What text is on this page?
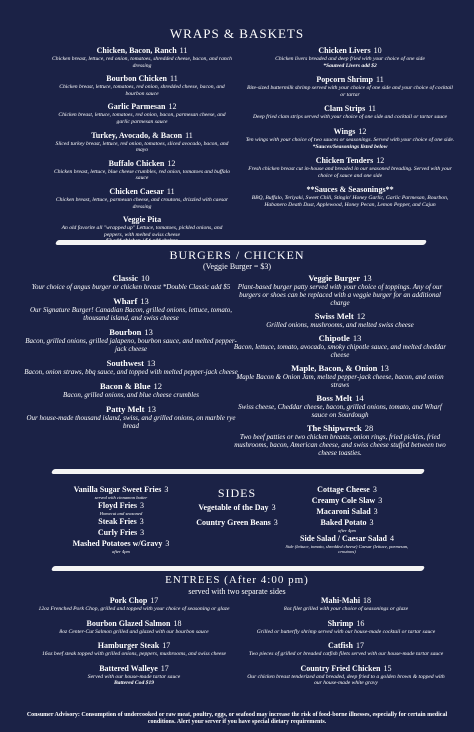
WRAPS & BASKETS
Chicken, Bacon, Ranch 11
Chicken breast, lettuce, red onion, tomatoes, shredded cheese, bacon, and ranch dressing
Bourbon Chicken 11
Chicken breast, lettuce, tomatoes, red onion, shredded cheese, bacon, and bourbon sauce
Garlic Parmesan 12
Chicken breast, lettuce, tomatoes, red onion, bacon, parmesan cheese, and garlic parmesan sauce
Turkey, Avocado, & Bacon 11
Sliced turkey breast, lettuce, red onion, tomatoes, sliced avocado, bacon, and mayo
Buffalo Chicken 12
Chicken breast, lettuce, blue cheese crumbles, red onion, tomatoes and buffalo sauce
Chicken Caesar 11
Chicken breast, lettuce, parmesan cheese, and croutons, drizzled with caesar dressing
Veggie Pita
An old favorite all "wrapped up" Lettuce, tomatoes, pickled onions, and peppers, with melted swiss cheese
Chicken Livers 10
Chicken livers breaded and deep fried with your choice of one side
*Sauteed Livers add $2
Popcorn Shrimp 11
Bite-sized buttermilk shrimp served with your choice of one side and your choice of cocktail or tartar
Clam Strips 11
Deep fried clam strips served with your choice of one side and cocktail or tartar sauce
Wings 12
Ten wings with your choice of two sauces or seasonings. Served with your choice of one side.
*Sauces/Seasonings listed below
Chicken Tenders 12
Fresh chicken breast cut in-house and breaded in our seasoned breading. Served with your choice of sauce and one side
**Sauces & Seasonings**
BBQ, Buffalo, Teriyaki, Sweet Chili, Stingin' Honey Garlic, Garlic Parmesan, Bourbon, Habanero Death Dust, Applewood, Honey Pecan, Lemon Pepper, and Cajun
BURGERS / CHICKEN
(Veggie Burger = $3)
Classic 10
Your choice of angus burger or chicken breast *Double Classic add $5
Wharf 13
Our Signature Burger! Canadian Bacon, grilled onions, lettuce, tomato, thousand island, and swiss cheese
Bourbon 13
Bacon, grilled onions, grilled jalapeno, bourbon sauce, and melted pepper-jack cheese
Southwest 13
Bacon, onion straws, bbq sauce, and topped with melted pepper-jack cheese
Bacon & Blue 12
Bacon, grilled onions, and blue cheese crumbles
Patty Melt 13
Our house-made thousand island, swiss, and grilled onions, on marble rye bread
Veggie Burger 13
Plant-based burger patty served with your choice of toppings. Any of our burgers or shoes can be replaced with a veggie burger for an additional charge
Swiss Melt 12
Grilled onions, mushrooms, and melted swiss cheese
Chipotle 13
Bacon, lettuce, tomato, avocado, smoky chipotle sauce, and melted cheddar cheese
Maple, Bacon, & Onion 13
Maple Bacon & Onion Jam, melted pepper-jack cheese, bacon, and onion straws
Boss Melt 14
Swiss cheese, Cheddar cheese, bacon, grilled onions, tomato, and Wharf sauce on Sourdough
The Shipwreck 28
Two beef patties or two chicken breasts, onion rings, fried pickles, fried mushrooms, bacon, American cheese, and swiss cheese stuffed between two cheese toasties.
SIDES
Vanilla Sugar Sweet Fries 3
served with cinnamon butter
Floyd Fries 3
Homecut and seasoned
Steak Fries 3
Curly Fries 3
Mashed Potatoes w/Gravy 3
after 4pm
Vegetable of the Day 3
Country Green Beans 3
Cottage Cheese 3
Creamy Cole Slaw 3
Macaroni Salad 3
Baked Potato 3
after 4pm
Side Salad / Caesar Salad 4
Side (lettuce, tomato, shredded cheese) Caesar (lettuce, parmesan, croutons)
ENTREES (After 4:00 pm)
served with two separate sides
Pork Chop 17
12oz Frenched Pork Chop, grilled and topped with your choice of seasoning or glaze
Bourbon Glazed Salmon 18
8oz Center-Cut Salmon grilled and glazed with our bourbon sauce
Hamburger Steak 17
16oz beef steak topped with grilled onions, peppers, mushrooms, and swiss cheese
Battered Walleye 17
Served with our house-made tartar sauce
Battered Cod $19
Mahi-Mahi 18
8oz filet grilled with your choice of seasonings or glaze
Shrimp 16
Grilled or butterfly shrimp served with our house-made cocktail or tartar sauce
Catfish 17
Two pieces of grilled or breaded catfish filets served with our house-made tartar sauce
Country Fried Chicken 15
Our chicken breast tenderized and breaded, deep fried to a golden brown & topped with our house-made white gravy
Consumer Advisory: Consumption of undercooked or raw meat, poultry, eggs, or seafood may increase the risk of food-borne illnesses, especially for certain medical conditions. Alert your server if you have special dietary requirements.
